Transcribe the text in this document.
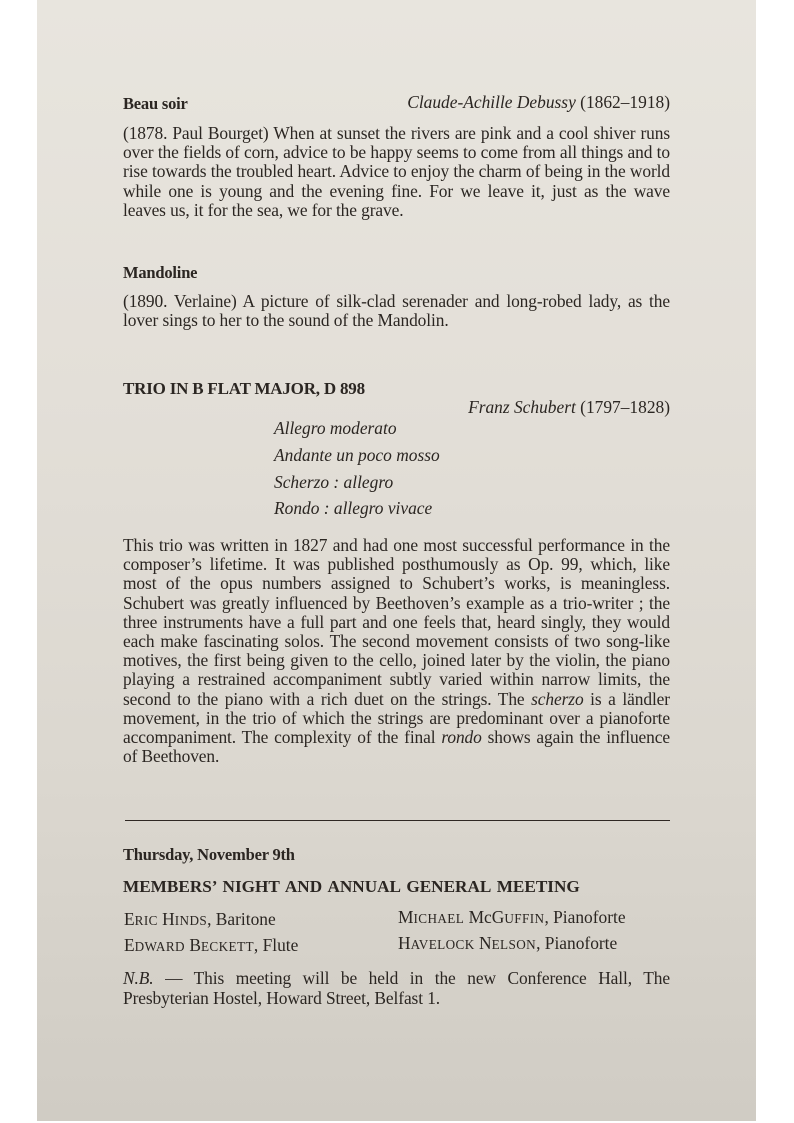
Beau soir	Claude-Achille Debussy (1862–1918)
(1878. Paul Bourget) When at sunset the rivers are pink and a cool shiver runs over the fields of corn, advice to be happy seems to come from all things and to rise towards the troubled heart. Advice to enjoy the charm of being in the world while one is young and the evening fine. For we leave it, just as the wave leaves us, it for the sea, we for the grave.
Mandoline
(1890. Verlaine) A picture of silk-clad serenader and long-robed lady, as the lover sings to her to the sound of the Mandolin.
TRIO IN B FLAT MAJOR, D 898
Franz Schubert (1797–1828)
Allegro moderato
Andante un poco mosso
Scherzo : allegro
Rondo : allegro vivace
This trio was written in 1827 and had one most successful performance in the composer’s lifetime. It was published posthumously as Op. 99, which, like most of the opus numbers assigned to Schubert’s works, is meaningless. Schubert was greatly influenced by Beethoven’s example as a trio-writer ; the three instruments have a full part and one feels that, heard singly, they would each make fascinating solos. The second movement consists of two song-like motives, the first being given to the cello, joined later by the violin, the piano playing a restrained accompaniment subtly varied within narrow limits, the second to the piano with a rich duet on the strings. The scherzo is a ländler movement, in the trio of which the strings are predominant over a pianoforte accompaniment. The complexity of the final rondo shows again the influence of Beethoven.
Thursday, November 9th
MEMBERS’ NIGHT AND ANNUAL GENERAL MEETING
ERIC HINDS, Baritone	MICHAEL McGUFFIN, Pianoforte
EDWARD BECKETT, Flute	HAVELOCK NELSON, Pianoforte
N.B. — This meeting will be held in the new Conference Hall, The Presbyterian Hostel, Howard Street, Belfast 1.
